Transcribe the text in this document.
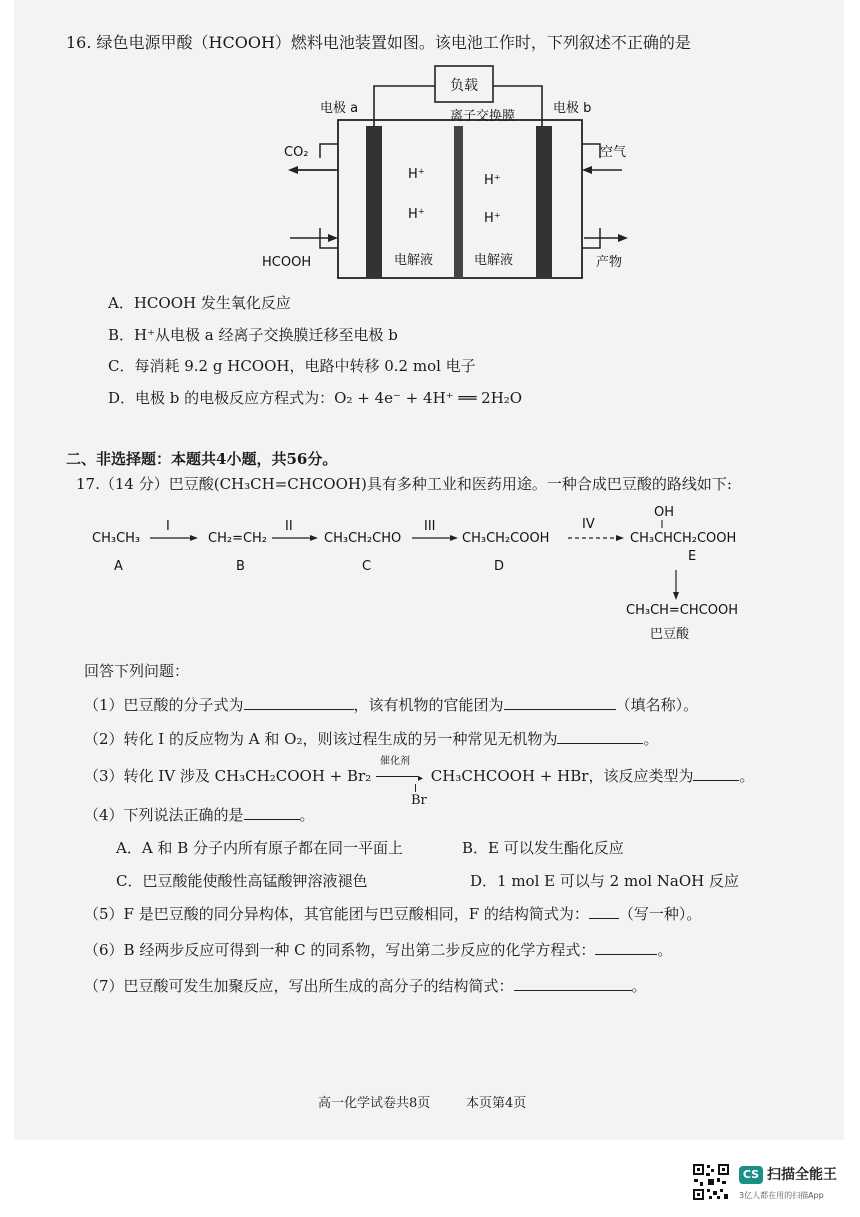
16. 绿色电源甲酸（HCOOH）燃料电池装置如图。该电池工作时，下列叙述不正确的是
负载
电极 a	电极 b
离子交换膜
CO₂	空气
HCOOH	产物
H⁺
H⁺
H⁺
H⁺
电解液	电解液
A．HCOOH 发生氧化反应
B．H⁺从电极 a 经离子交换膜迁移至电极 b
C．每消耗 9.2 g HCOOH，电路中转移 0.2 mol 电子
D．电极 b 的电极反应方程式为：O₂ + 4e⁻ + 4H⁺ ══ 2H₂O
二、非选择题：本题共4小题，共56分。
17.（14 分）巴豆酸(CH₃CH=CHCOOH)具有多种工业和医药用途。一种合成巴豆酸的路线如下:
CH₃CH₃
A
I
CH₂=CH₂
B
II
CH₃CH₂CHO
C
III
CH₃CH₂COOH
D
IV
OH
CH₃CHCH₂COOH
E
CH₃CH=CHCOOH
巴豆酸
回答下列问题：
（1）巴豆酸的分子式为	，该有机物的官能团为	（填名称）。
（2）转化 I 的反应物为 A 和 O₂，则该过程生成的另一种常见无机物为	。
（3）转化 IV 涉及 CH₃CH₂COOH + Br₂
催化剂
▸ CH₃CHCOOH + HBr，该反应类型为	。
Br
（4）下列说法正确的是	。
A．A 和 B 分子内所有原子都在同一平面上	B．E 可以发生酯化反应
C．巴豆酸能使酸性高锰酸钾溶液褪色	D．1 mol E 可以与 2 mol NaOH 反应
（5）F 是巴豆酸的同分异构体，其官能团与巴豆酸相同，F 的结构简式为： （写一种）。
（6）B 经两步反应可得到一种 C 的同系物，写出第二步反应的化学方程式：	。
（7）巴豆酸可发生加聚反应，写出所生成的高分子的结构简式：	。
高一化学试卷共8页	本页第4页
CS 扫描全能王
3亿人都在用的扫描App
